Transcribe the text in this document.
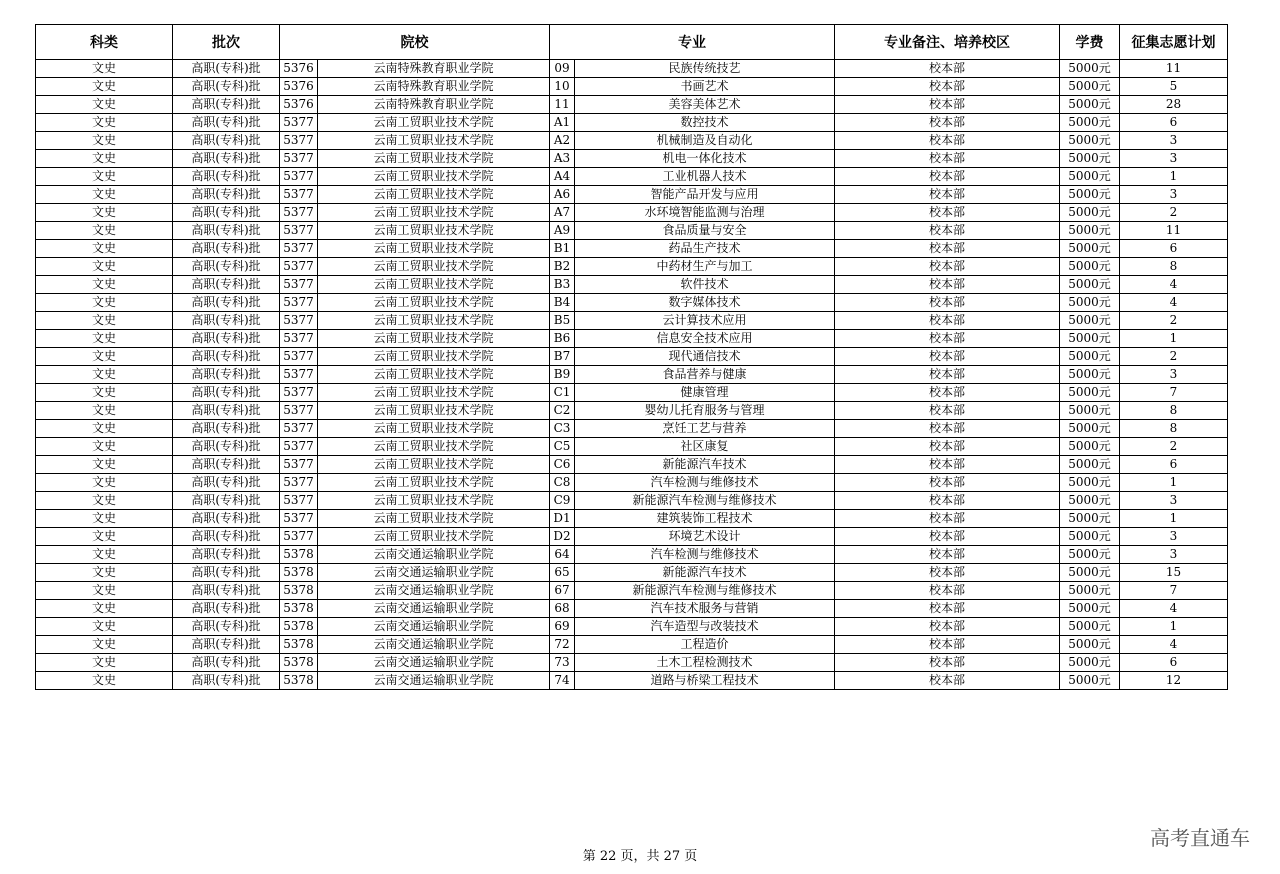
科类	批次	院校		专业		专业备注、培养校区	学费	征集志愿计划
文史	高职(专科)批	5376	云南特殊教育职业学院	09	民族传统技艺	校本部	5000元	11
文史	高职(专科)批	5376	云南特殊教育职业学院	10	书画艺术	校本部	5000元	5
文史	高职(专科)批	5376	云南特殊教育职业学院	11	美容美体艺术	校本部	5000元	28
文史	高职(专科)批	5377	云南工贸职业技术学院	A1	数控技术	校本部	5000元	6
文史	高职(专科)批	5377	云南工贸职业技术学院	A2	机械制造及自动化	校本部	5000元	3
文史	高职(专科)批	5377	云南工贸职业技术学院	A3	机电一体化技术	校本部	5000元	3
文史	高职(专科)批	5377	云南工贸职业技术学院	A4	工业机器人技术	校本部	5000元	1
文史	高职(专科)批	5377	云南工贸职业技术学院	A6	智能产品开发与应用	校本部	5000元	3
文史	高职(专科)批	5377	云南工贸职业技术学院	A7	水环境智能监测与治理	校本部	5000元	2
文史	高职(专科)批	5377	云南工贸职业技术学院	A9	食品质量与安全	校本部	5000元	11
文史	高职(专科)批	5377	云南工贸职业技术学院	B1	药品生产技术	校本部	5000元	6
文史	高职(专科)批	5377	云南工贸职业技术学院	B2	中药材生产与加工	校本部	5000元	8
文史	高职(专科)批	5377	云南工贸职业技术学院	B3	软件技术	校本部	5000元	4
文史	高职(专科)批	5377	云南工贸职业技术学院	B4	数字媒体技术	校本部	5000元	4
文史	高职(专科)批	5377	云南工贸职业技术学院	B5	云计算技术应用	校本部	5000元	2
文史	高职(专科)批	5377	云南工贸职业技术学院	B6	信息安全技术应用	校本部	5000元	1
文史	高职(专科)批	5377	云南工贸职业技术学院	B7	现代通信技术	校本部	5000元	2
文史	高职(专科)批	5377	云南工贸职业技术学院	B9	食品营养与健康	校本部	5000元	3
文史	高职(专科)批	5377	云南工贸职业技术学院	C1	健康管理	校本部	5000元	7
文史	高职(专科)批	5377	云南工贸职业技术学院	C2	婴幼儿托育服务与管理	校本部	5000元	8
文史	高职(专科)批	5377	云南工贸职业技术学院	C3	烹饪工艺与营养	校本部	5000元	8
文史	高职(专科)批	5377	云南工贸职业技术学院	C5	社区康复	校本部	5000元	2
文史	高职(专科)批	5377	云南工贸职业技术学院	C6	新能源汽车技术	校本部	5000元	6
文史	高职(专科)批	5377	云南工贸职业技术学院	C8	汽车检测与维修技术	校本部	5000元	1
文史	高职(专科)批	5377	云南工贸职业技术学院	C9	新能源汽车检测与维修技术	校本部	5000元	3
文史	高职(专科)批	5377	云南工贸职业技术学院	D1	建筑装饰工程技术	校本部	5000元	1
文史	高职(专科)批	5377	云南工贸职业技术学院	D2	环境艺术设计	校本部	5000元	3
文史	高职(专科)批	5378	云南交通运输职业学院	64	汽车检测与维修技术	校本部	5000元	3
文史	高职(专科)批	5378	云南交通运输职业学院	65	新能源汽车技术	校本部	5000元	15
文史	高职(专科)批	5378	云南交通运输职业学院	67	新能源汽车检测与维修技术	校本部	5000元	7
文史	高职(专科)批	5378	云南交通运输职业学院	68	汽车技术服务与营销	校本部	5000元	4
文史	高职(专科)批	5378	云南交通运输职业学院	69	汽车造型与改装技术	校本部	5000元	1
文史	高职(专科)批	5378	云南交通运输职业学院	72	工程造价	校本部	5000元	4
文史	高职(专科)批	5378	云南交通运输职业学院	73	土木工程检测技术	校本部	5000元	6
文史	高职(专科)批	5378	云南交通运输职业学院	74	道路与桥梁工程技术	校本部	5000元	12
第 22 页，共 27 页
高考直通车
